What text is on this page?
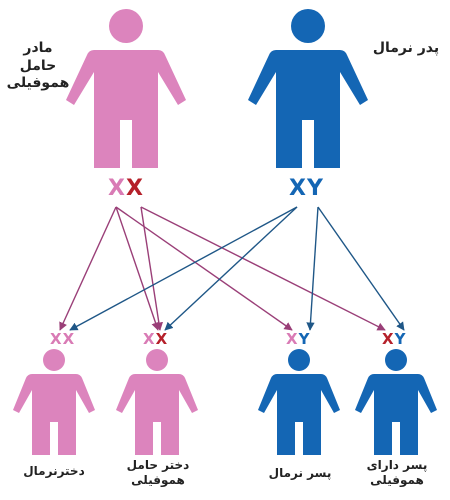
مادر حامل
هموفیلی
پدر نرمال
XX	XY
XX	XX	XY	XY
دخترنرمال	دختر حامل
هموفیلی	پسر نرمال
پسر دارای
هموفیلی
